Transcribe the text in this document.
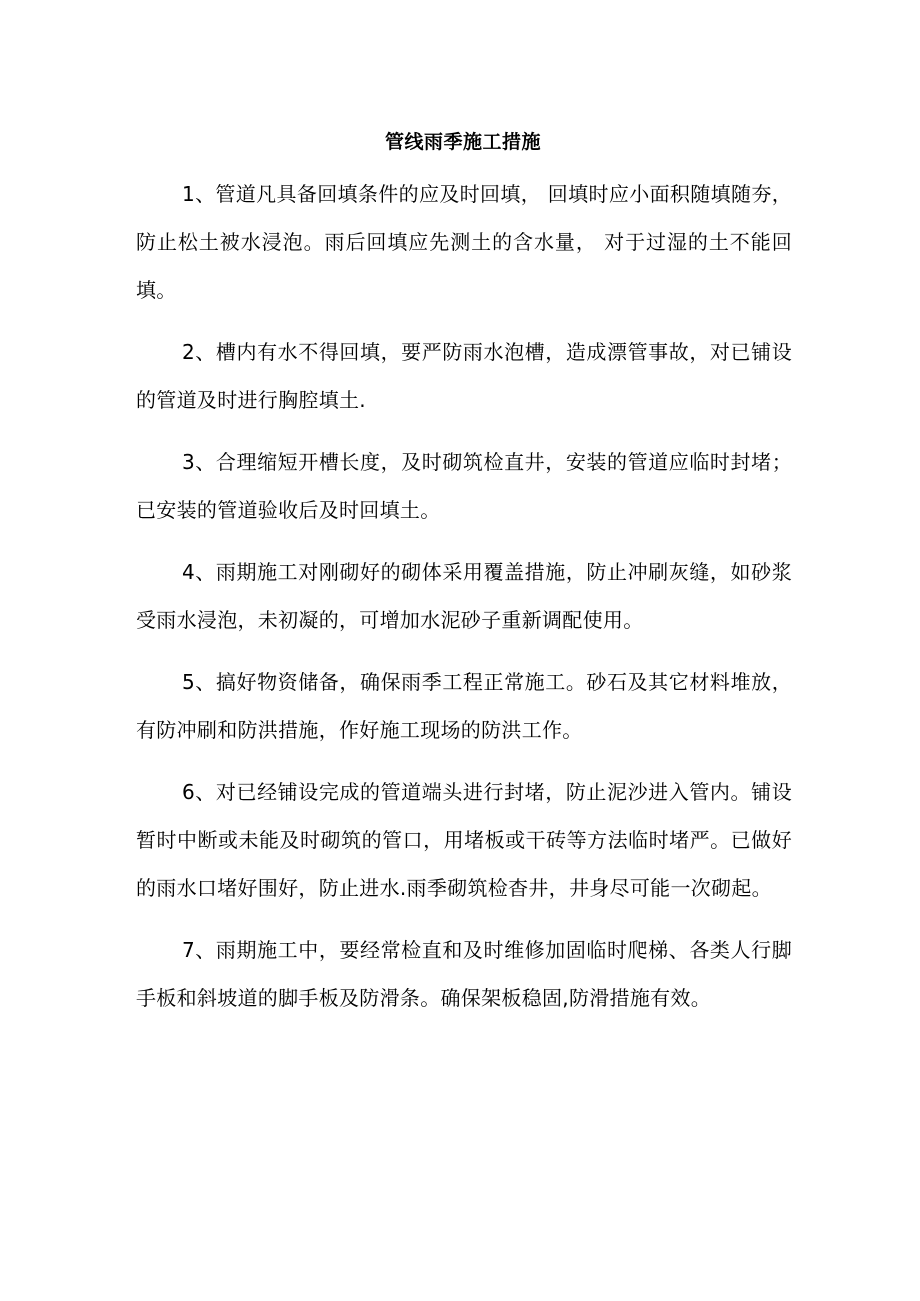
管线雨季施工措施

1、管道凡具备回填条件的应及时回填， 回填时应小面积随填随夯， 防止松土被水浸泡。雨后回填应先测土的含水量， 对于过湿的土不能回填。

2、槽内有水不得回填，要严防雨水泡槽，造成漂管事故，对已铺设的管道及时进行胸腔填土.

3、合理缩短开槽长度，及时砌筑检直井，安装的管道应临时封堵；已安装的管道验收后及时回填土。

4、雨期施工对刚砌好的砌体采用覆盖措施，防止冲刷灰缝，如砂浆受雨水浸泡，未初凝的，可增加水泥砂子重新调配使用。

5、搞好物资储备，确保雨季工程正常施工。砂石及其它材料堆放，有防冲刷和防洪措施，作好施工现场的防洪工作。

6、对已经铺设完成的管道端头进行封堵，防止泥沙进入管内。铺设暂时中断或未能及时砌筑的管口，用堵板或干砖等方法临时堵严。已做好的雨水口堵好围好，防止进水.雨季砌筑检杳井，井身尽可能一次砌起。

7、雨期施工中，要经常检直和及时维修加固临时爬梯、各类人行脚手板和斜坡道的脚手板及防滑条。确保架板稳固,防滑措施有效。
